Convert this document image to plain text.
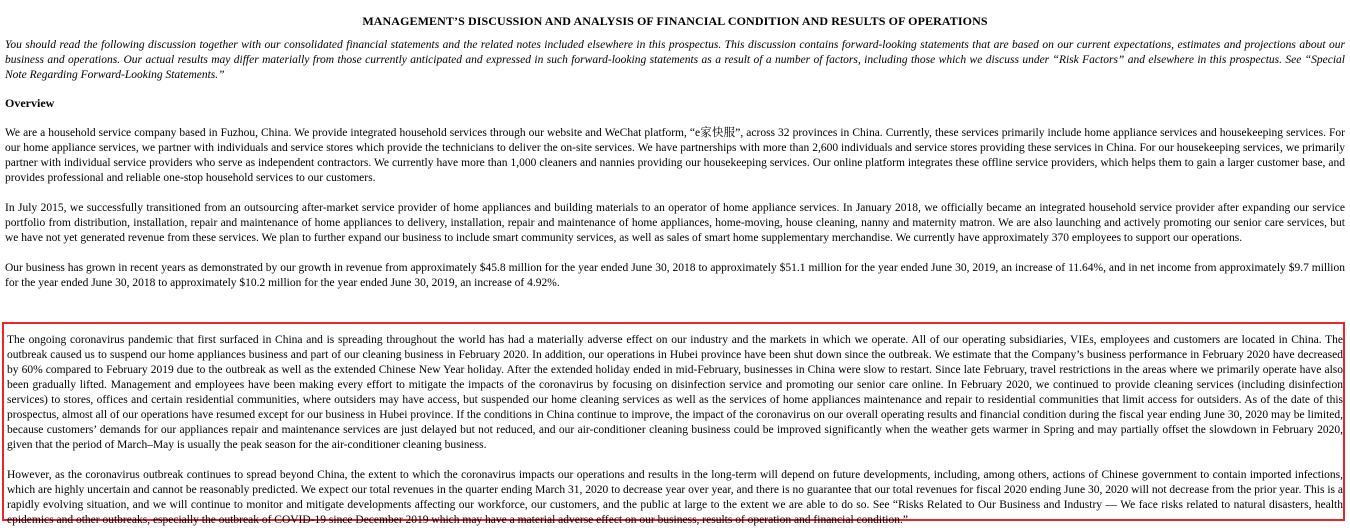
MANAGEMENT’S DISCUSSION AND ANALYSIS OF FINANCIAL CONDITION AND RESULTS OF OPERATIONS

You should read the following discussion together with our consolidated financial statements and the related notes included elsewhere in this prospectus. This discussion contains forward-looking statements that are based on our current expectations, estimates and projections about our business and operations. Our actual results may differ materially from those currently anticipated and expressed in such forward-looking statements as a result of a number of factors, including those which we discuss under “Risk Factors” and elsewhere in this prospectus. See “Special Note Regarding Forward-Looking Statements.”

Overview

We are a household service company based in Fuzhou, China. We provide integrated household services through our website and WeChat platform, “e家快服”, across 32 provinces in China. Currently, these services primarily include home appliance services and housekeeping services. For our home appliance services, we partner with individuals and service stores which provide the technicians to deliver the on-site services. We have partnerships with more than 2,600 individuals and service stores providing these services in China. For our housekeeping services, we primarily partner with individual service providers who serve as independent contractors. We currently have more than 1,000 cleaners and nannies providing our housekeeping services. Our online platform integrates these offline service providers, which helps them to gain a larger customer base, and provides professional and reliable one-stop household services to our customers.

In July 2015, we successfully transitioned from an outsourcing after-market service provider of home appliances and building materials to an operator of home appliance services. In January 2018, we officially became an integrated household service provider after expanding our service portfolio from distribution, installation, repair and maintenance of home appliances to delivery, installation, repair and maintenance of home appliances, home-moving, house cleaning, nanny and maternity matron. We are also launching and actively promoting our senior care services, but we have not yet generated revenue from these services. We plan to further expand our business to include smart community services, as well as sales of smart home supplementary merchandise. We currently have approximately 370 employees to support our operations.

Our business has grown in recent years as demonstrated by our growth in revenue from approximately $45.8 million for the year ended June 30, 2018 to approximately $51.1 million for the year ended June 30, 2019, an increase of 11.64%, and in net income from approximately $9.7 million for the year ended June 30, 2018 to approximately $10.2 million for the year ended June 30, 2019, an increase of 4.92%.

The ongoing coronavirus pandemic that first surfaced in China and is spreading throughout the world has had a materially adverse effect on our industry and the markets in which we operate. All of our operating subsidiaries, VIEs, employees and customers are located in China. The outbreak caused us to suspend our home appliances business and part of our cleaning business in February 2020. In addition, our operations in Hubei province have been shut down since the outbreak. We estimate that the Company’s business performance in February 2020 have decreased by 60% compared to February 2019 due to the outbreak as well as the extended Chinese New Year holiday. After the extended holiday ended in mid-February, businesses in China were slow to restart. Since late February, travel restrictions in the areas where we primarily operate have also been gradually lifted. Management and employees have been making every effort to mitigate the impacts of the coronavirus by focusing on disinfection service and promoting our senior care online. In February 2020, we continued to provide cleaning services (including disinfection services) to stores, offices and certain residential communities, where outsiders may have access, but suspended our home cleaning services as well as the services of home appliances maintenance and repair to residential communities that limit access for outsiders. As of the date of this prospectus, almost all of our operations have resumed except for our business in Hubei province. If the conditions in China continue to improve, the impact of the coronavirus on our overall operating results and financial condition during the fiscal year ending June 30, 2020 may be limited, because customers’ demands for our appliances repair and maintenance services are just delayed but not reduced, and our air-conditioner cleaning business could be improved significantly when the weather gets warmer in Spring and may partially offset the slowdown in February 2020, given that the period of March–May is usually the peak season for the air-conditioner cleaning business.

However, as the coronavirus outbreak continues to spread beyond China, the extent to which the coronavirus impacts our operations and results in the long-term will depend on future developments, including, among others, actions of Chinese government to contain imported infections, which are highly uncertain and cannot be reasonably predicted. We expect our total revenues in the quarter ending March 31, 2020 to decrease year over year, and there is no guarantee that our total revenues for fiscal 2020 ending June 30, 2020 will not decrease from the prior year. This is a rapidly evolving situation, and we will continue to monitor and mitigate developments affecting our workforce, our customers, and the public at large to the extent we are able to do so. See “Risks Related to Our Business and Industry — We face risks related to natural disasters, health epidemics and other outbreaks, especially the outbreak of COVID-19 since December 2019 which may have a material adverse effect on our business, results of operation and financial condition.”
